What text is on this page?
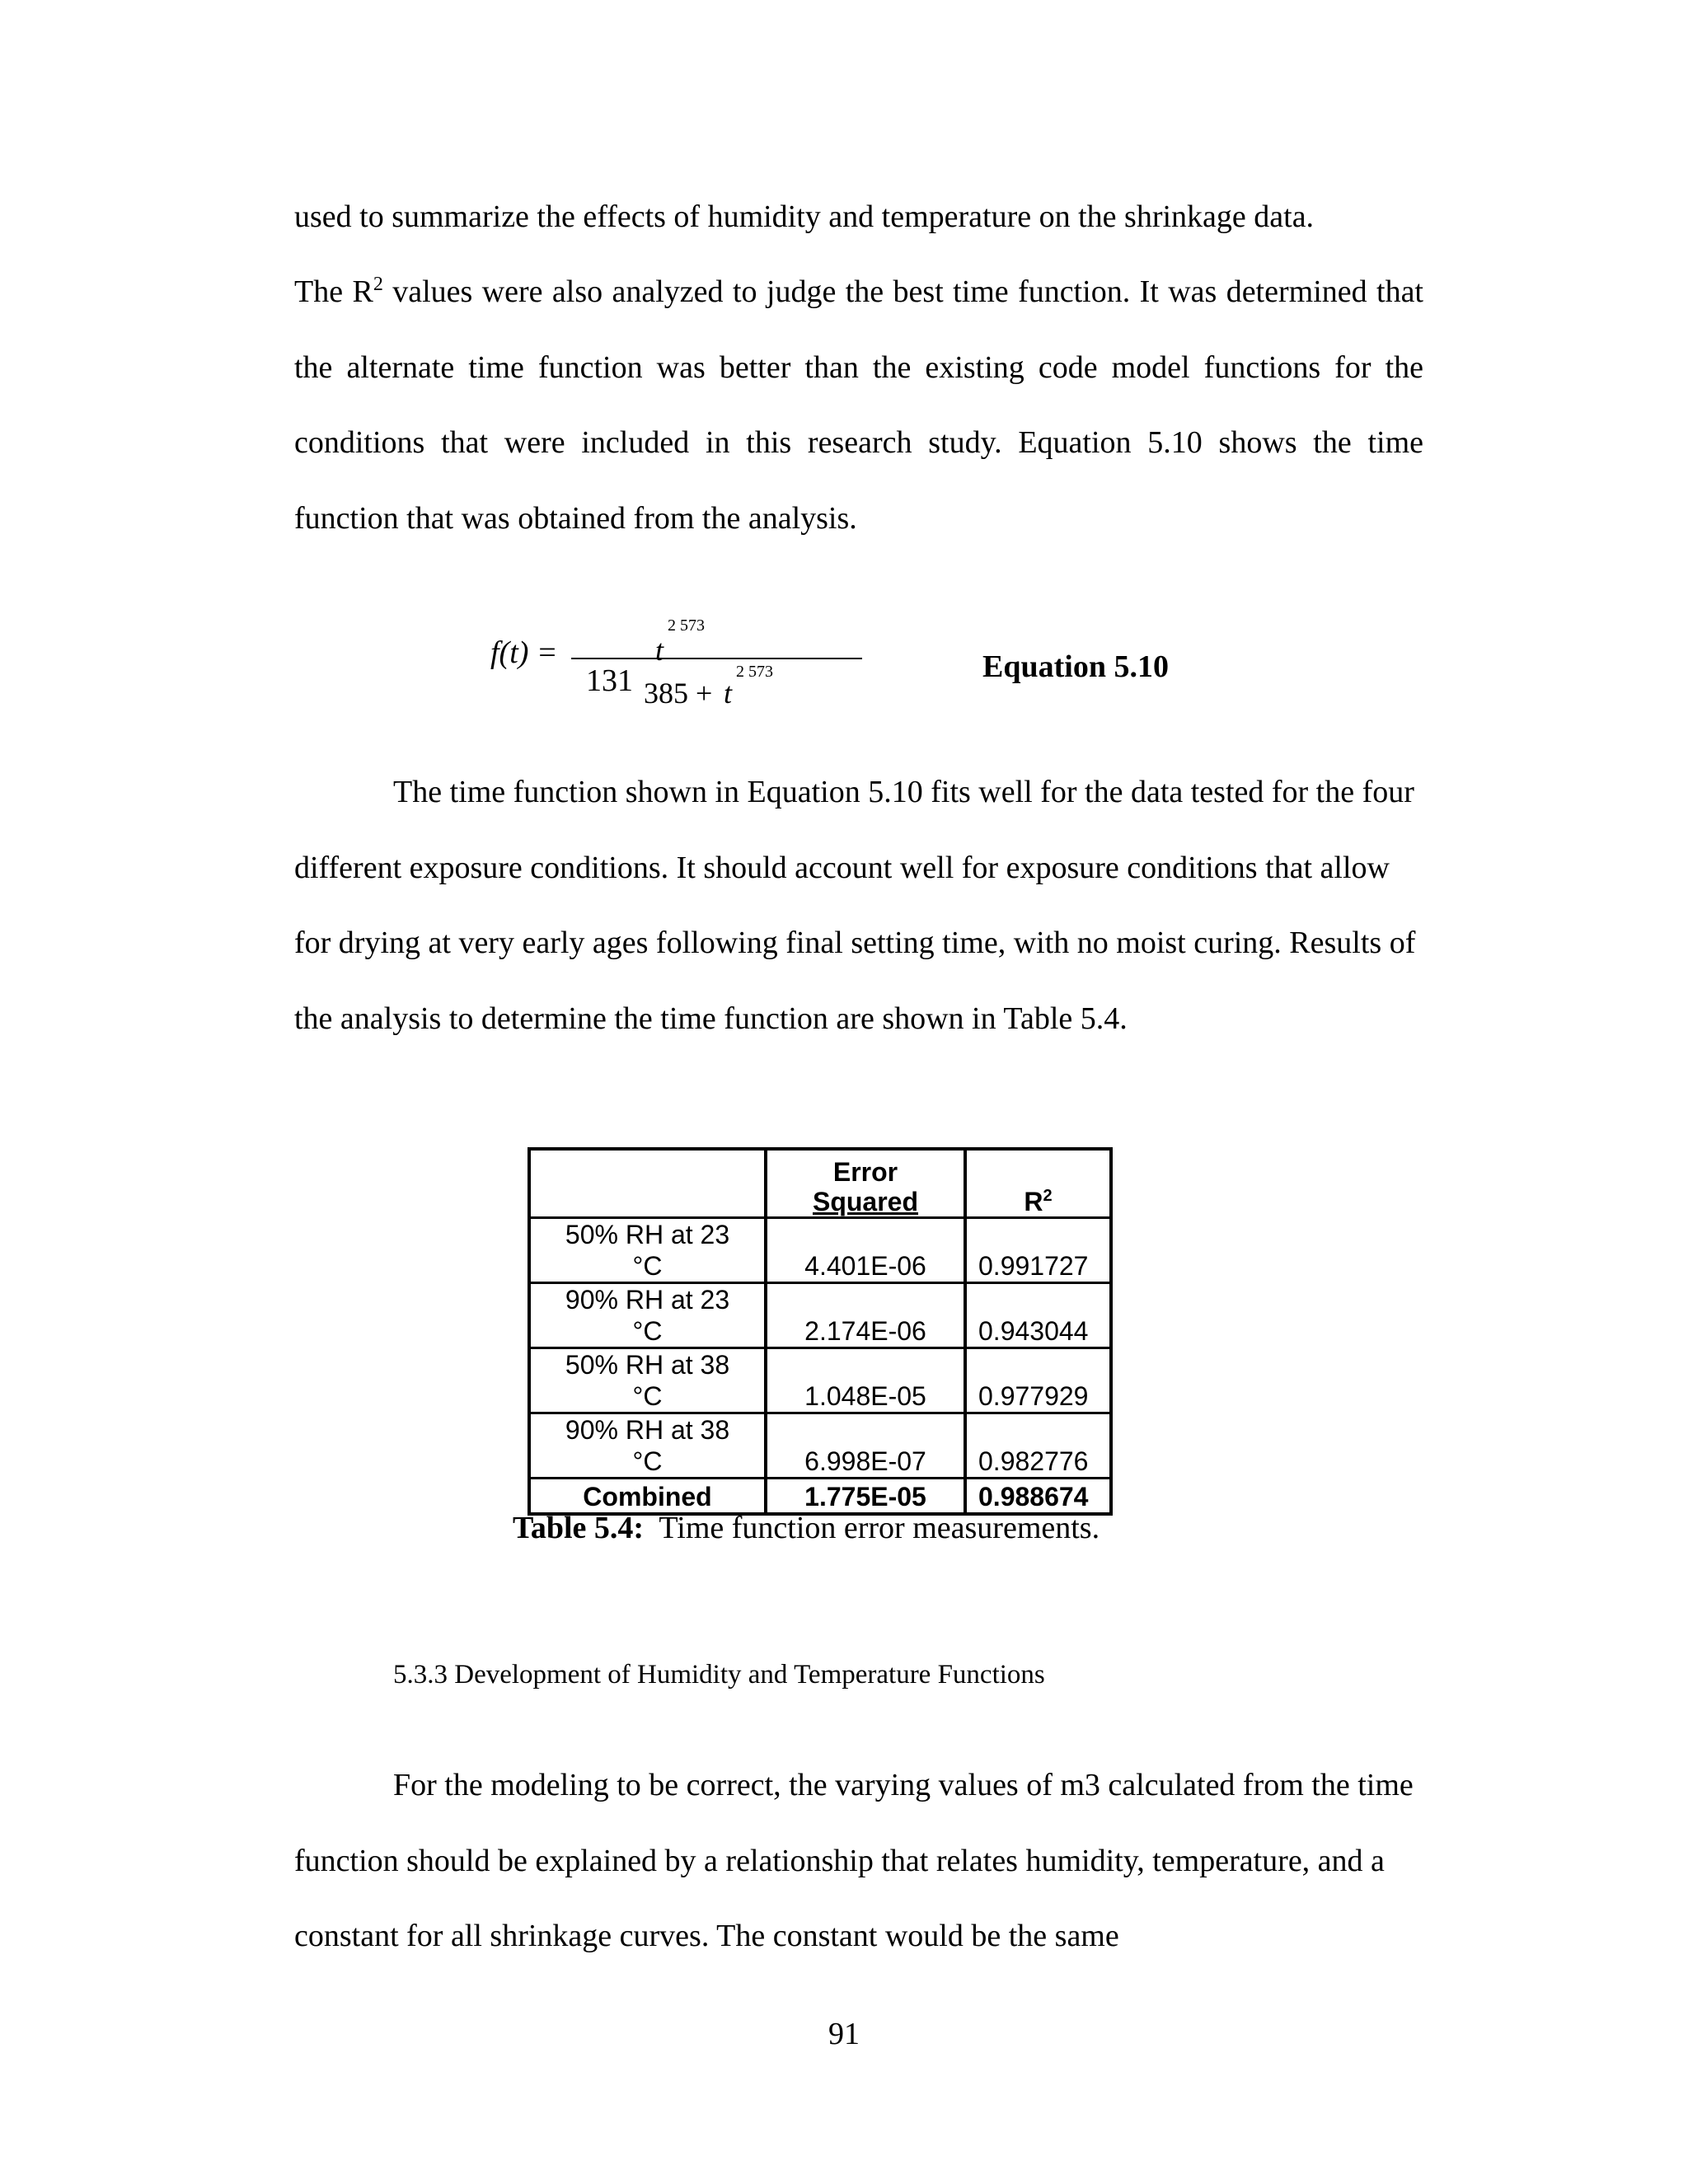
used to summarize the effects of humidity and temperature on the shrinkage data.

The $R^2$ values were also analyzed to judge the best time function. It was determined that the alternate time function was better than the existing code model functions for the conditions that were included in this research study. Equation 5.10 shows the time function that was obtained from the analysis.

f(t) =
2 573
t
131 385 +
2 573
t
Equation 5.10

The time function shown in Equation 5.10 fits well for the data tested for the four different exposure conditions. It should account well for exposure conditions that allow for drying at very early ages following final setting time, with no moist curing. Results of the analysis to determine the time function are shown in Table 5.4.

	Error
Squared	$R^2$

50% RH at 23
°C	4.401E-06	0.991727

90% RH at 23
°C	2.174E-06	0.943044

50% RH at 38
°C	1.048E-05	0.977929

90% RH at 38
°C	6.998E-07	0.982776
Combined	1.775E-05	0.988674
Table 5.4:  Time function error measurements.
5.3.3 Development of Humidity and Temperature Functions

For the modeling to be correct, the varying values of m3 calculated from the time function should be explained by a relationship that relates humidity, temperature, and a constant for all shrinkage curves. The constant would be the same

91
